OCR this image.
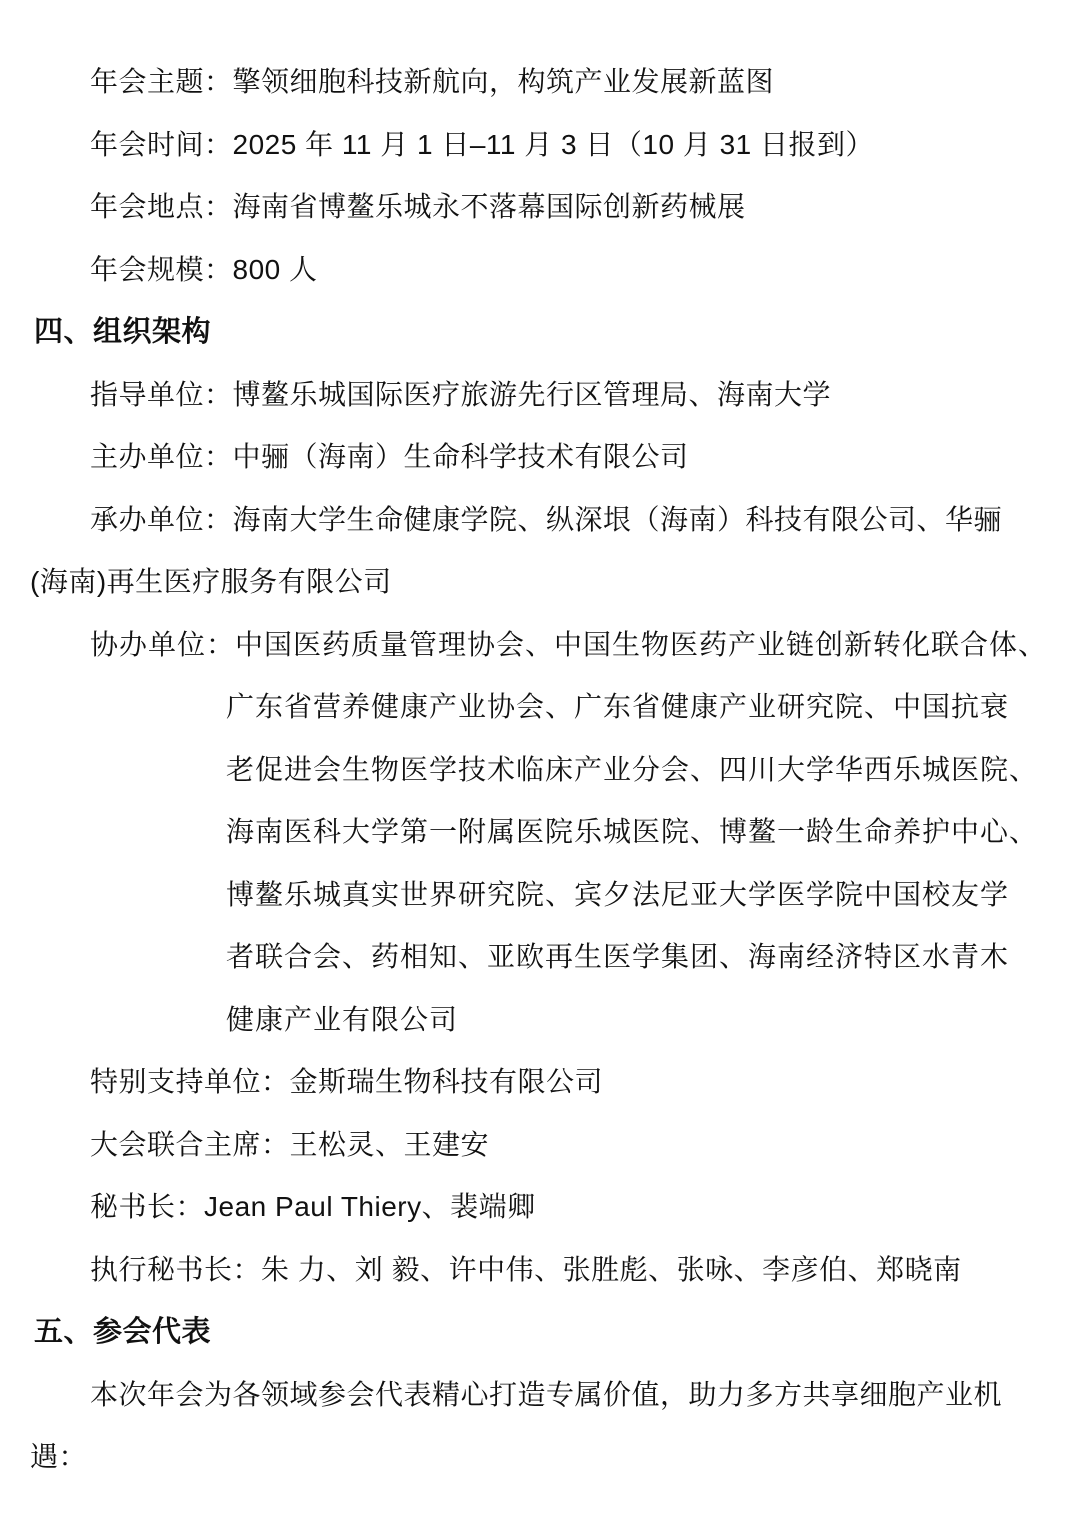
年会主题：擎领细胞科技新航向，构筑产业发展新蓝图
年会时间：2025 年 11 月 1 日–11 月 3 日（10 月 31 日报到）
年会地点：海南省博鳌乐城永不落幕国际创新药械展
年会规模：800 人
四、组织架构
指导单位：博鳌乐城国际医疗旅游先行区管理局、海南大学
主办单位：中骊（海南）生命科学技术有限公司
承办单位：海南大学生命健康学院、纵深垠（海南）科技有限公司、华骊
(海南)再生医疗服务有限公司
协办单位：中国医药质量管理协会、中国生物医药产业链创新转化联合体、
广东省营养健康产业协会、广东省健康产业研究院、中国抗衰
老促进会生物医学技术临床产业分会、四川大学华西乐城医院、
海南医科大学第一附属医院乐城医院、博鳌一龄生命养护中心、
博鳌乐城真实世界研究院、宾夕法尼亚大学医学院中国校友学
者联合会、药相知、亚欧再生医学集团、海南经济特区水青木
健康产业有限公司
特别支持单位：金斯瑞生物科技有限公司
大会联合主席：王松灵、王建安
秘书长：Jean Paul Thiery、裴端卿
执行秘书长：朱 力、刘 毅、许中伟、张胜彪、张咏、李彦伯、郑晓南
五、参会代表
本次年会为各领域参会代表精心打造专属价值，助力多方共享细胞产业机
遇：
